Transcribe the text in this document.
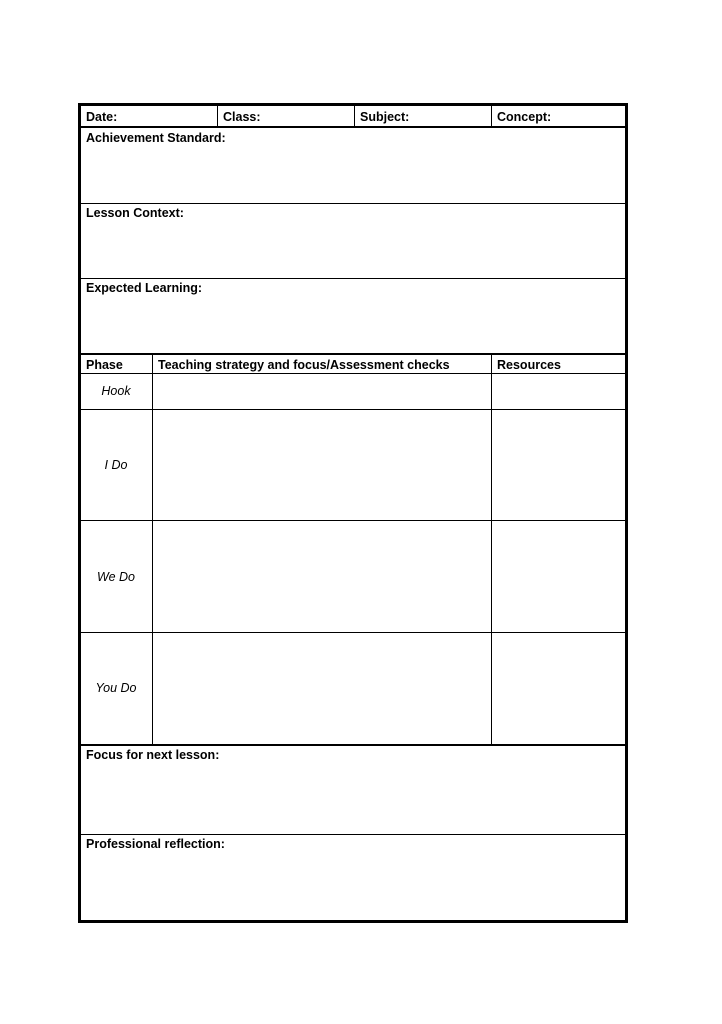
Date:	Class:	Subject:	Concept:
Achievement Standard:
Lesson Context:
Expected Learning:
Phase	Teaching strategy and focus/Assessment checks	Resources
Hook
I Do
We Do
You Do
Focus for next lesson:
Professional reflection:
